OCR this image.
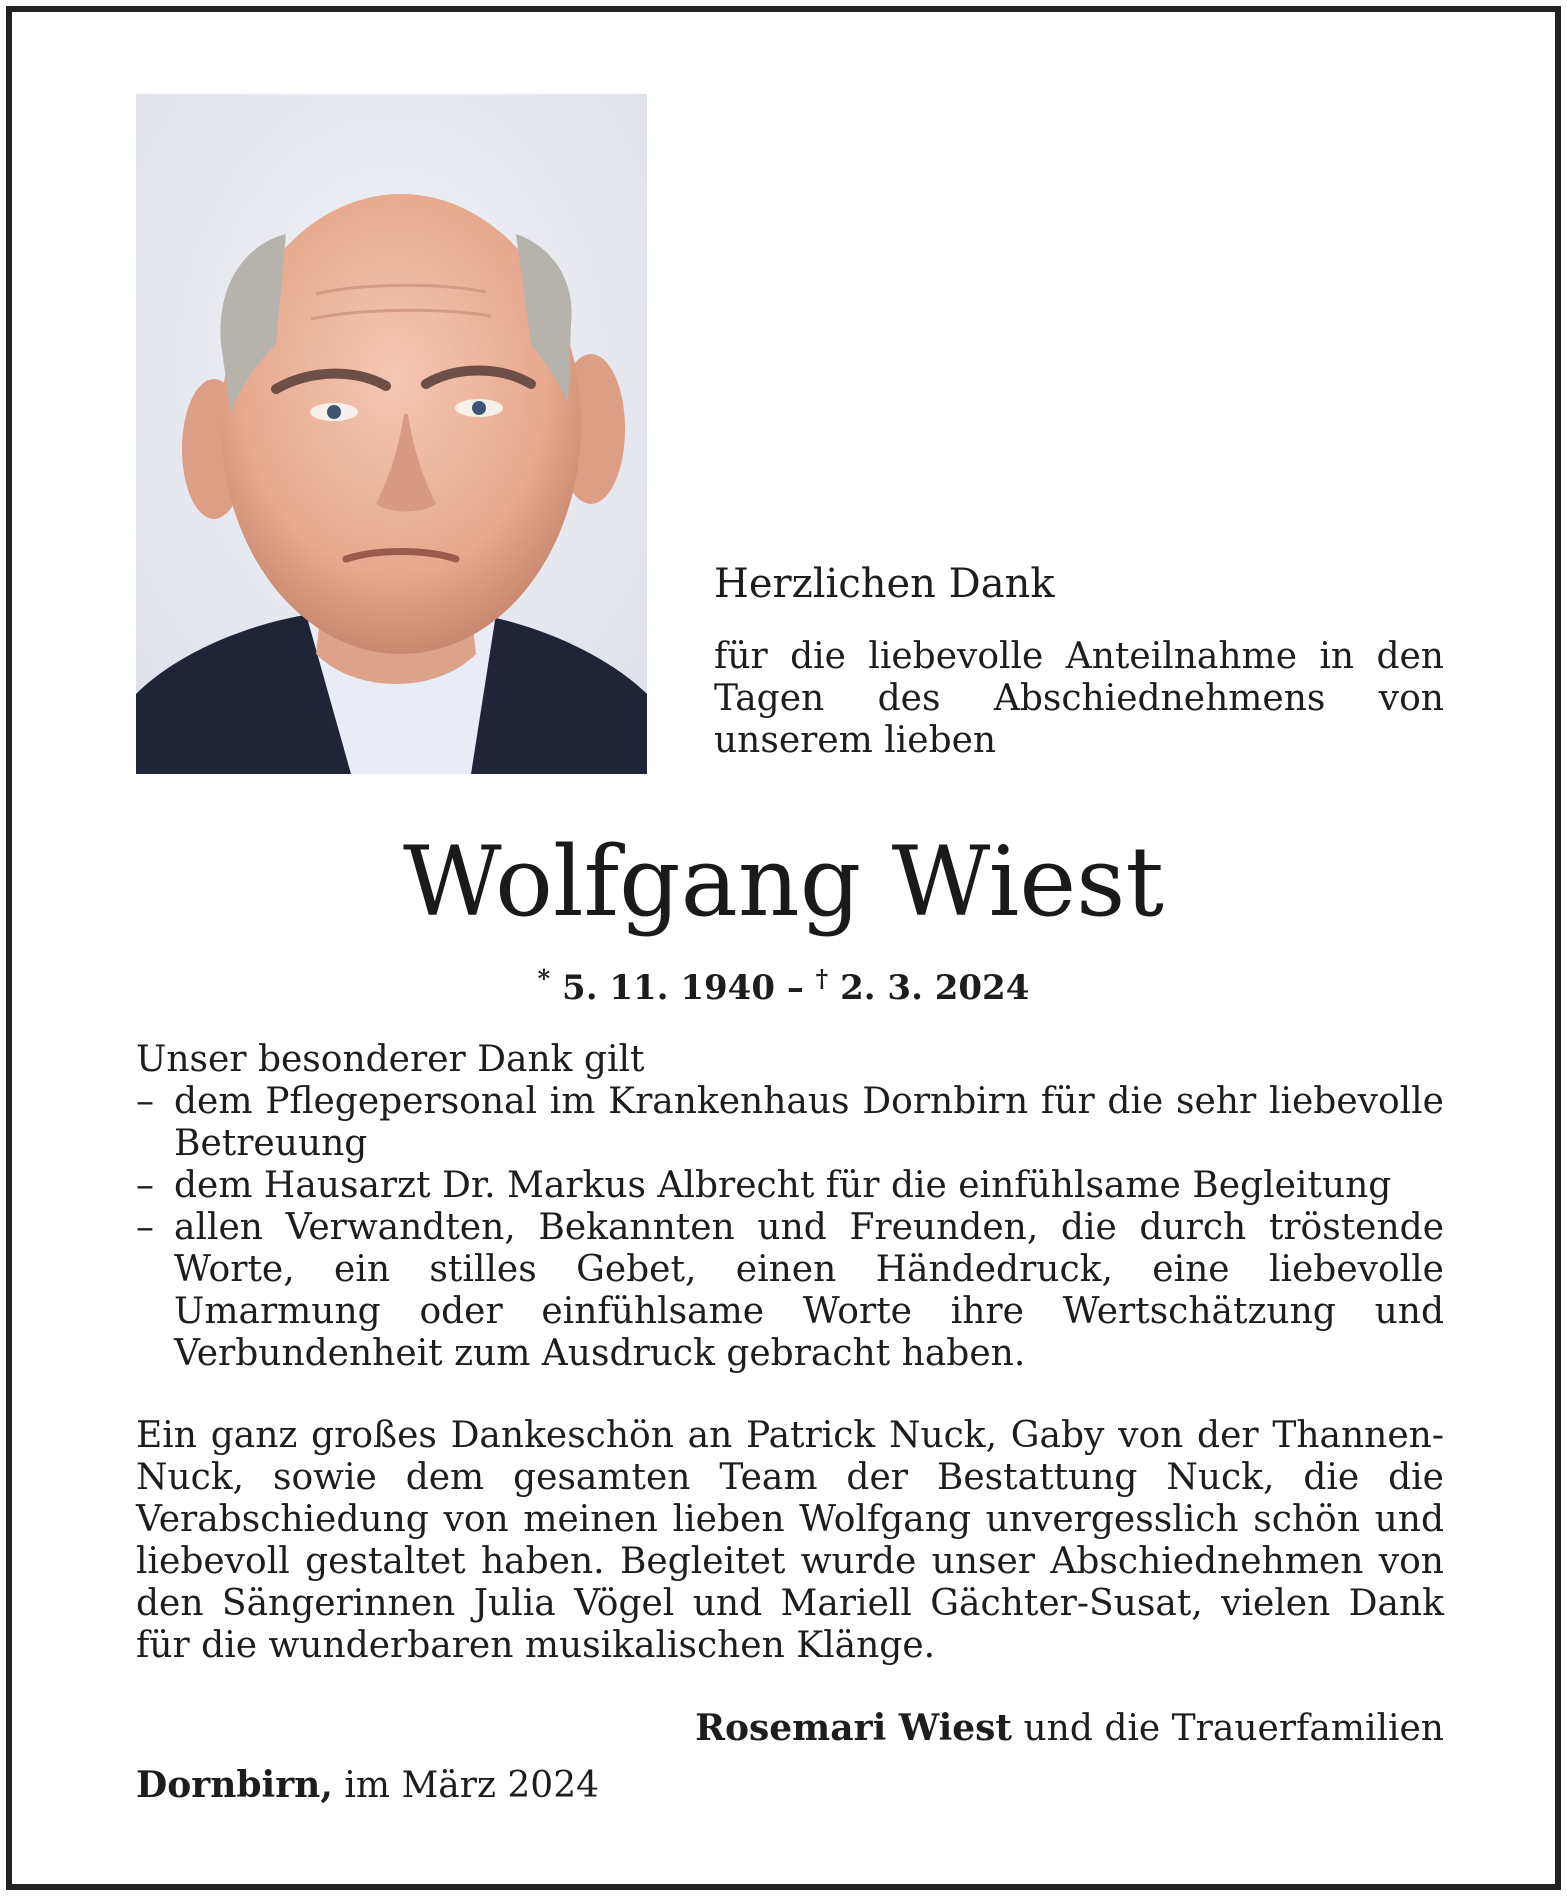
Herzlichen Dank
für die liebevolle Anteilnahme in den Tagen des Abschiednehmens von unserem lieben
Wolfgang Wiest
* 5. 11. 1940 – † 2. 3. 2024

Unser besonderer Dank gilt

– dem Pflegepersonal im Krankenhaus Dornbirn für die sehr liebevolle Betreuung
– dem Hausarzt Dr. Markus Albrecht für die einfühlsame Begleitung
– allen Verwandten, Bekannten und Freunden, die durch tröstende Worte, ein stilles Gebet, einen Händedruck, eine liebevolle Umarmung oder einfühlsame Worte ihre Wertschätzung und Verbundenheit zum Ausdruck gebracht haben.

Ein ganz großes Dankeschön an Patrick Nuck, Gaby von der Thannen-Nuck, sowie dem gesamten Team der Bestattung Nuck, die die Verabschiedung von meinen lieben Wolfgang unvergesslich schön und liebevoll gestaltet haben. Begleitet wurde unser Abschiednehmen von den Sängerinnen Julia Vögel und Mariell Gächter-Susat, vielen Dank für die wunderbaren musikalischen Klänge.

Rosemari Wiest und die Trauerfamilien
Dornbirn, im März 2024
